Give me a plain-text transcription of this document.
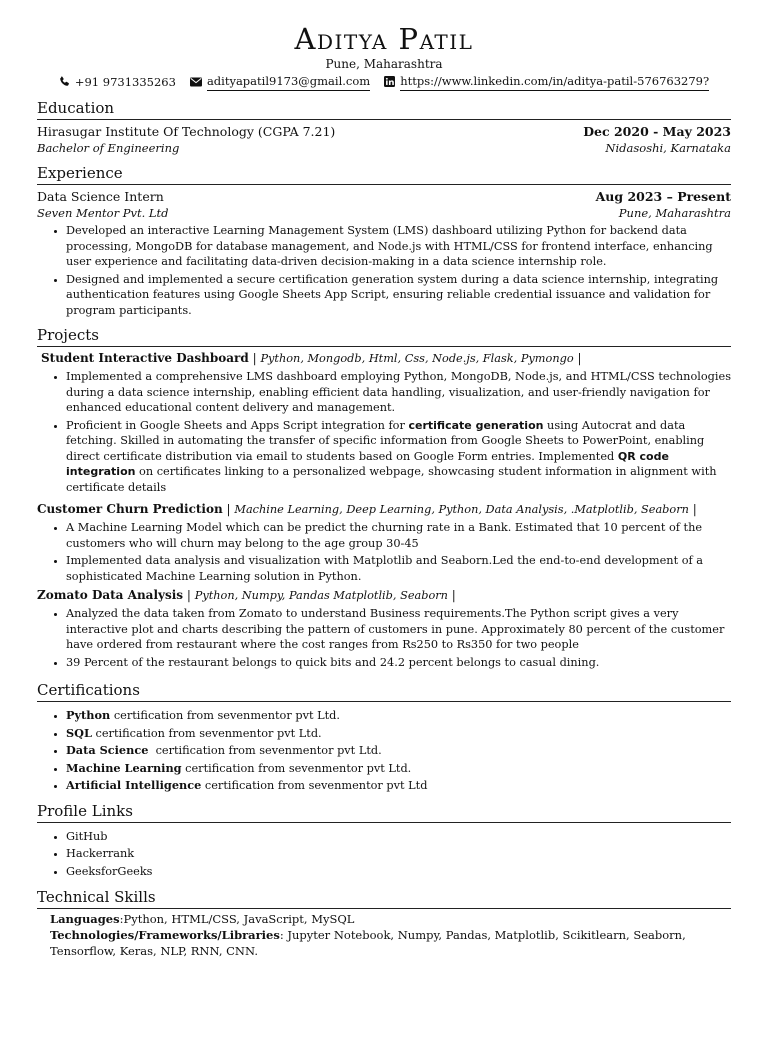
Aditya Patil
Pune, Maharashtra
+91 9731335263	adityapatil9173@gmail.com	https://www.linkedin.com/in/aditya-patil-576763279?
Education
Hirasugar Institute Of Technology (CGPA 7.21)	Dec 2020 - May 2023
Bachelor of Engineering	Nidasoshi, Karnataka
Experience
Data Science Intern	Aug 2023 – Present
Seven Mentor Pvt. Ltd	Pune, Maharashtra
• Developed an interactive Learning Management System (LMS) dashboard utilizing Python for backend data processing, MongoDB for database management, and Node.js with HTML/CSS for frontend interface, enhancing user experience and facilitating data-driven decision-making in a data science internship role.
• Designed and implemented a secure certification generation system during a data science internship, integrating authentication features using Google Sheets App Script, ensuring reliable credential issuance and validation for program participants.
Projects
Student Interactive Dashboard | Python, Mongodb, Html, Css, Node.js, Flask, Pymongo |
• Implemented a comprehensive LMS dashboard employing Python, MongoDB, Node.js, and HTML/CSS technologies during a data science internship, enabling efficient data handling, visualization, and user-friendly navigation for enhanced educational content delivery and management.
• Proficient in Google Sheets and Apps Script integration for certificate generation using Autocrat and data fetching. Skilled in automating the transfer of specific information from Google Sheets to PowerPoint, enabling direct certificate distribution via email to students based on Google Form entries. Implemented QR code integration on certificates linking to a personalized webpage, showcasing student information in alignment with certificate details
Customer Churn Prediction | Machine Learning, Deep Learning, Python, Data Analysis, .Matplotlib, Seaborn |
• A Machine Learning Model which can be predict the churning rate in a Bank. Estimated that 10 percent of the customers who will churn may belong to the age group 30-45
• Implemented data analysis and visualization with Matplotlib and Seaborn.Led the end-to-end development of a sophisticated Machine Learning solution in Python.
Zomato Data Analysis | Python, Numpy, Pandas Matplotlib, Seaborn |
• Analyzed the data taken from Zomato to understand Business requirements.The Python script gives a very interactive plot and charts describing the pattern of customers in pune. Approximately 80 percent of the customer have ordered from restaurant where the cost ranges from Rs250 to Rs350 for two people
• 39 Percent of the restaurant belongs to quick bits and 24.2 percent belongs to casual dining.
Certifications
• Python certification from sevenmentor pvt Ltd.
• SQL certification from sevenmentor pvt Ltd.
• Data Science  certification from sevenmentor pvt Ltd.
• Machine Learning certification from sevenmentor pvt Ltd.
• Artificial Intelligence certification from sevenmentor pvt Ltd
Profile Links
• GitHub
• Hackerrank
• GeeksforGeeks
Technical Skills
Languages:Python, HTML/CSS, JavaScript, MySQL
Technologies/Frameworks/Libraries: Jupyter Notebook, Numpy, Pandas, Matplotlib, Scikitlearn, Seaborn, Tensorflow, Keras, NLP, RNN, CNN.
